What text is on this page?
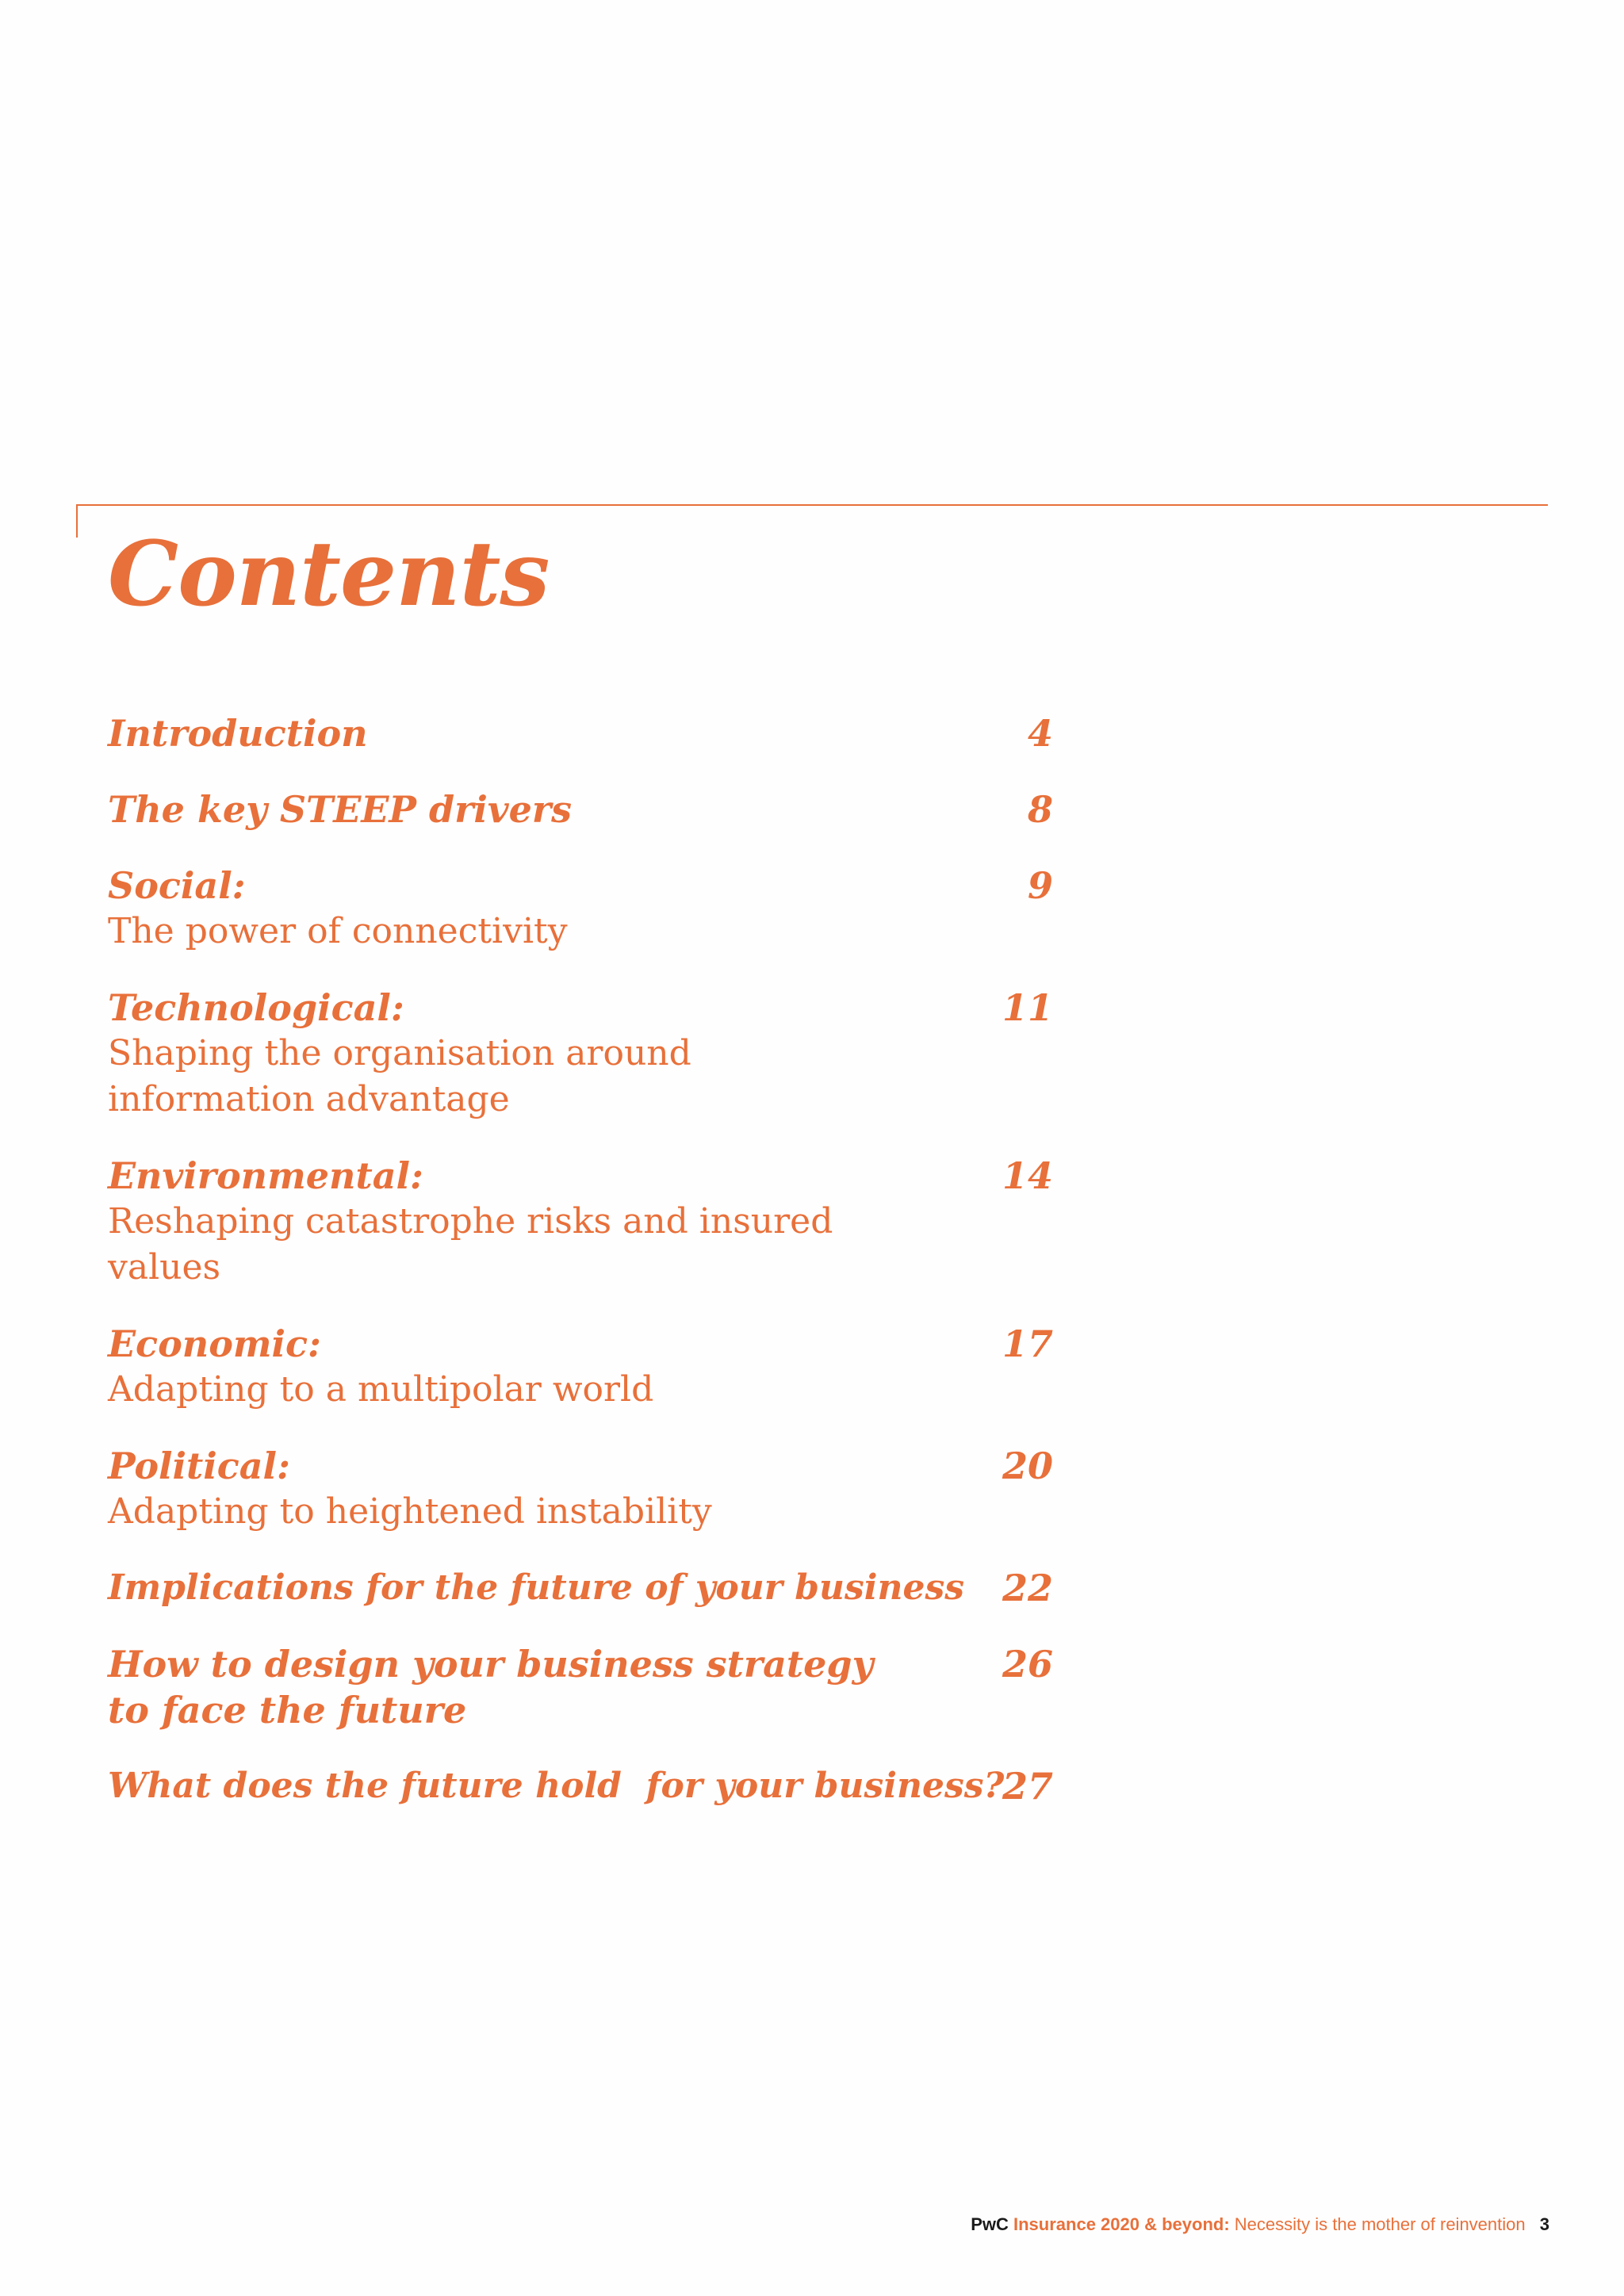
Contents
Introduction	4
The key STEEP drivers	8
Social:
The power of connectivity
9
Technological:
Shaping the organisation around information advantage
11
Environmental:
Reshaping catastrophe risks and insured values
14
Economic:
Adapting to a multipolar world
17
Political:
Adapting to heightened instability
20
Implications for the future of your business 22
How to design your business strategy to face the future
26
What does the future hold  for your business?
27
PwC Insurance 2020 & beyond: Necessity is the mother of reinvention 3
